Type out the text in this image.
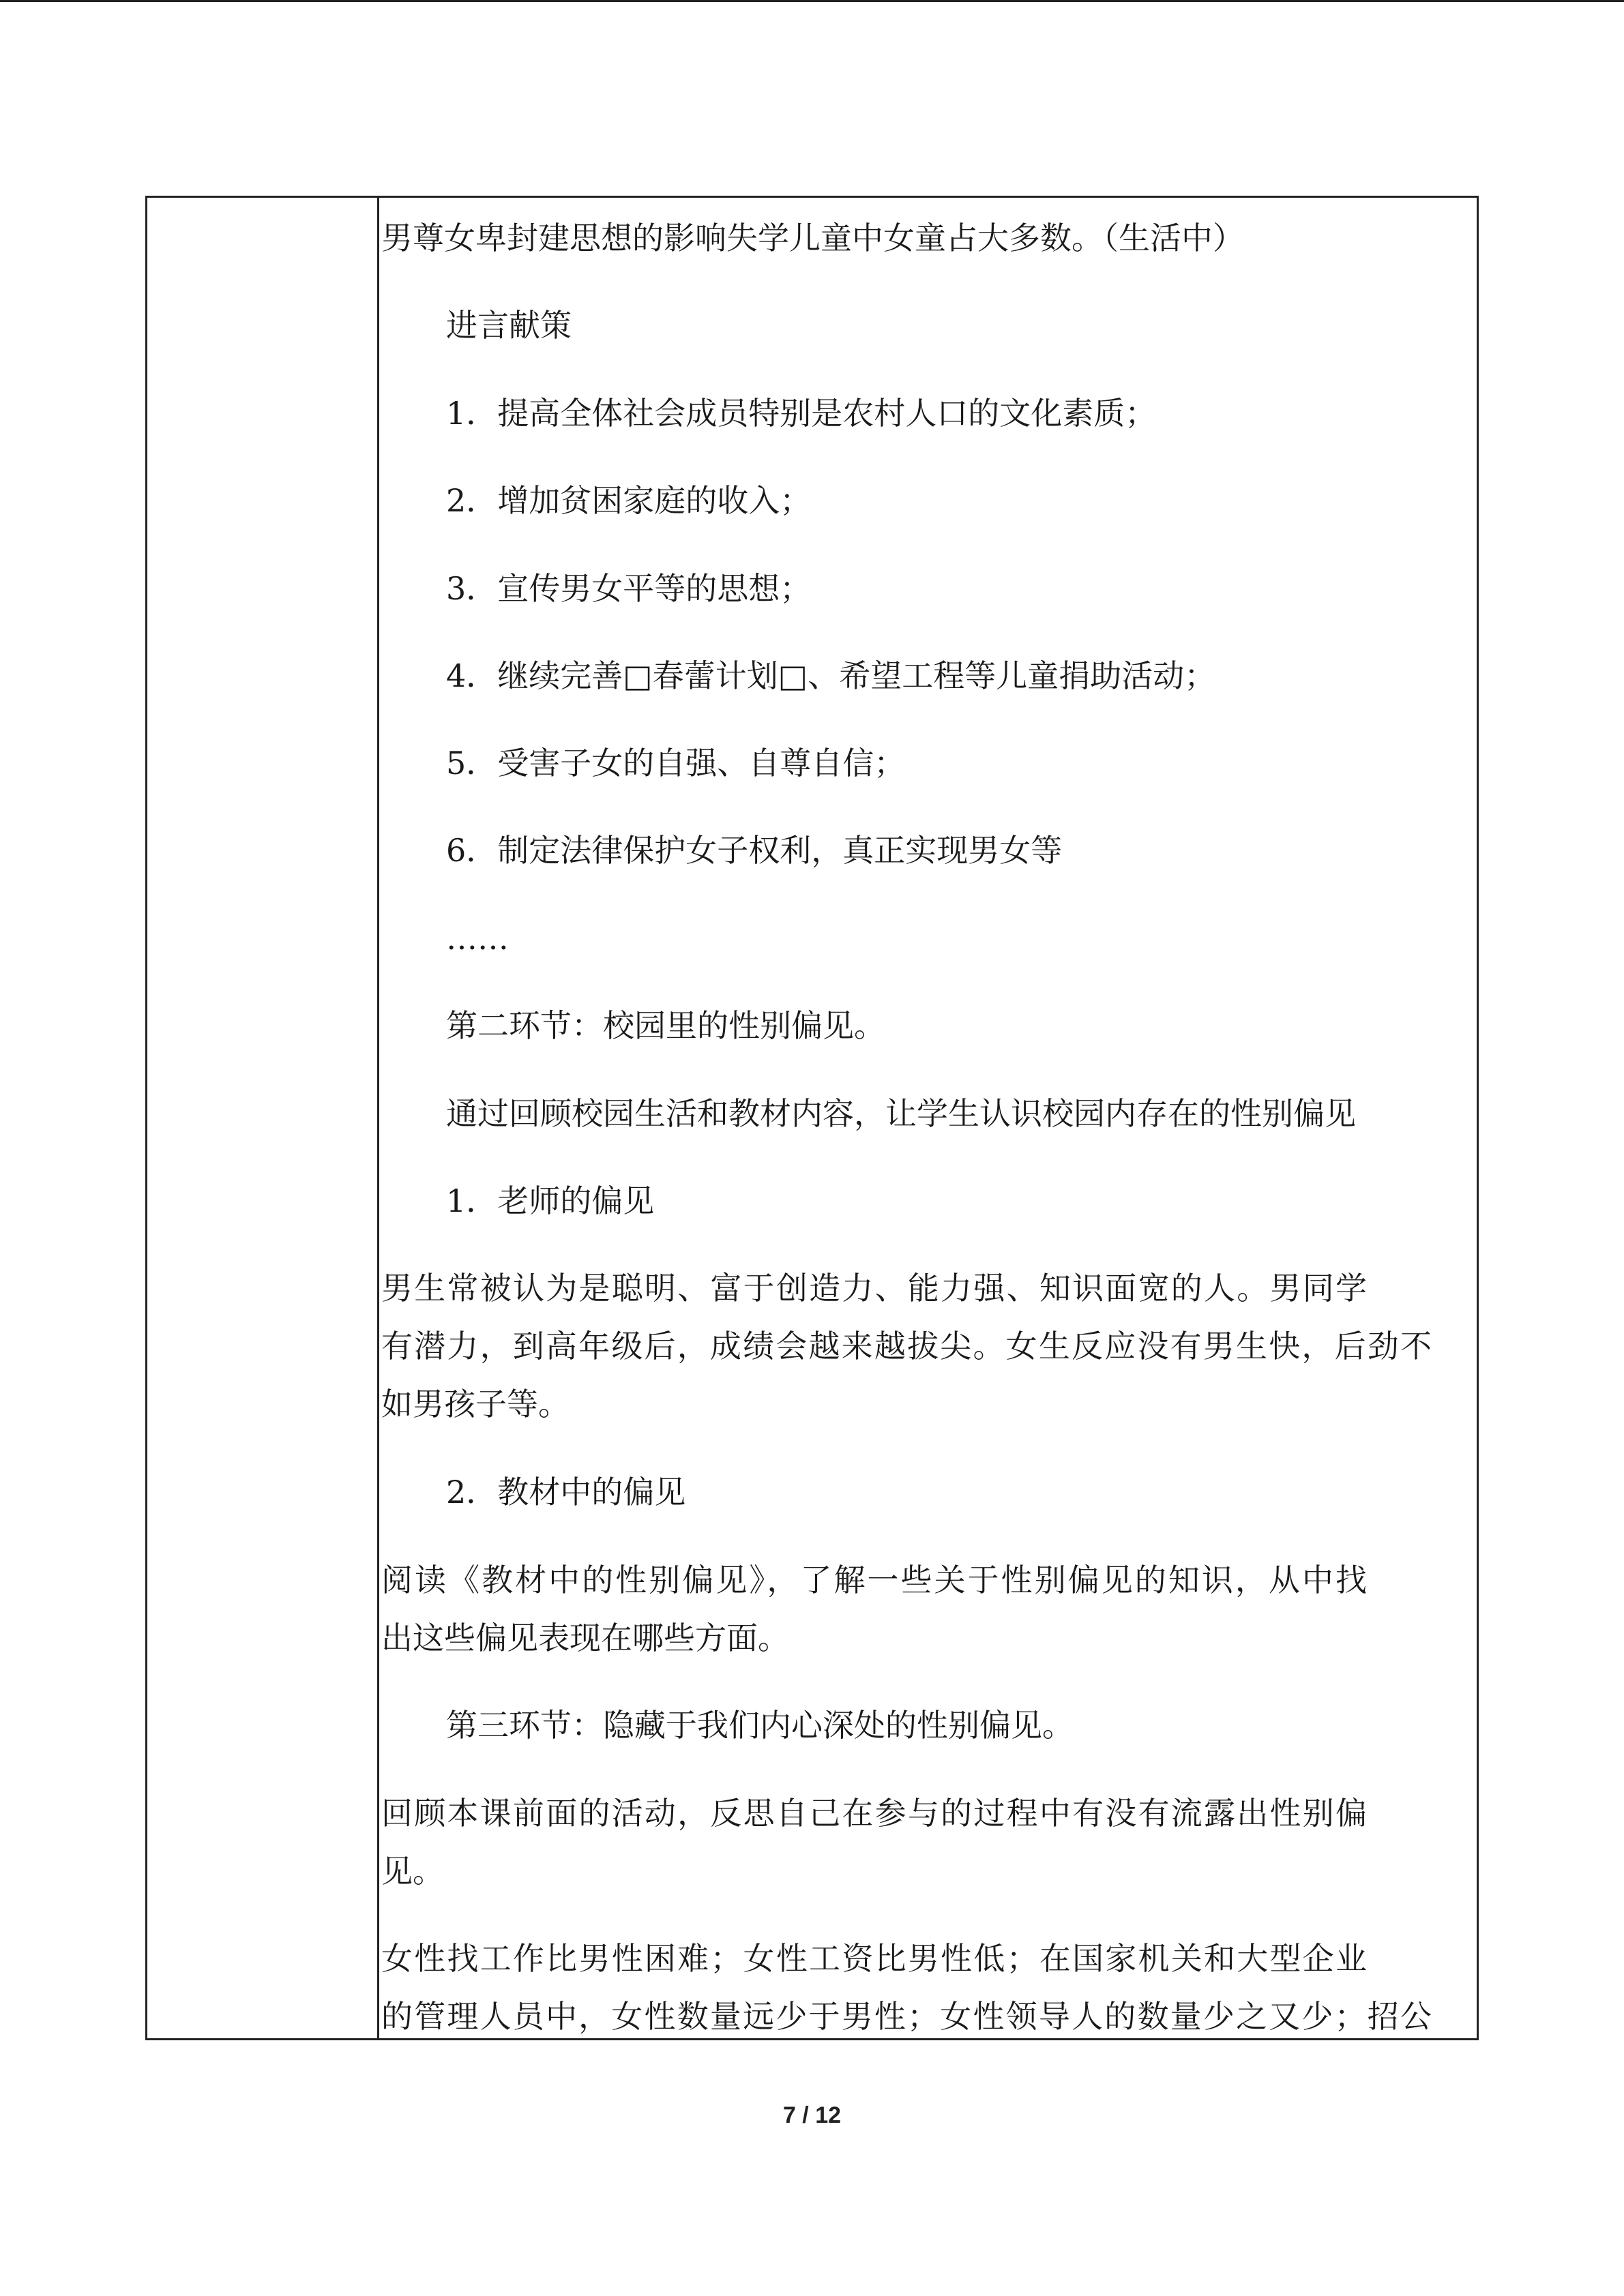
男尊女卑封建思想的影响失学儿童中女童占大多数。（生活中）
进言献策
1．提高全体社会成员特别是农村人口的文化素质；
2．增加贫困家庭的收入；
3．宣传男女平等的思想；
4．继续完善□春蕾计划□、希望工程等儿童捐助活动；
5．受害子女的自强、自尊自信；
6．制定法律保护女子权利，真正实现男女等
……
第二环节：校园里的性别偏见。
通过回顾校园生活和教材内容，让学生认识校园内存在的性别偏见
1．老师的偏见
男生常被认为是聪明、富于创造力、能力强、知识面宽的人。男同学
有潜力，到高年级后，成绩会越来越拔尖。女生反应没有男生快，后劲不
如男孩子等。
2．教材中的偏见
阅读《教材中的性别偏见》，了解一些关于性别偏见的知识，从中找
出这些偏见表现在哪些方面。
第三环节：隐藏于我们内心深处的性别偏见。
回顾本课前面的活动，反思自己在参与的过程中有没有流露出性别偏
见。
女性找工作比男性困难；女性工资比男性低；在国家机关和大型企业
的管理人员中，女性数量远少于男性；女性领导人的数量少之又少；招公
7 / 12
